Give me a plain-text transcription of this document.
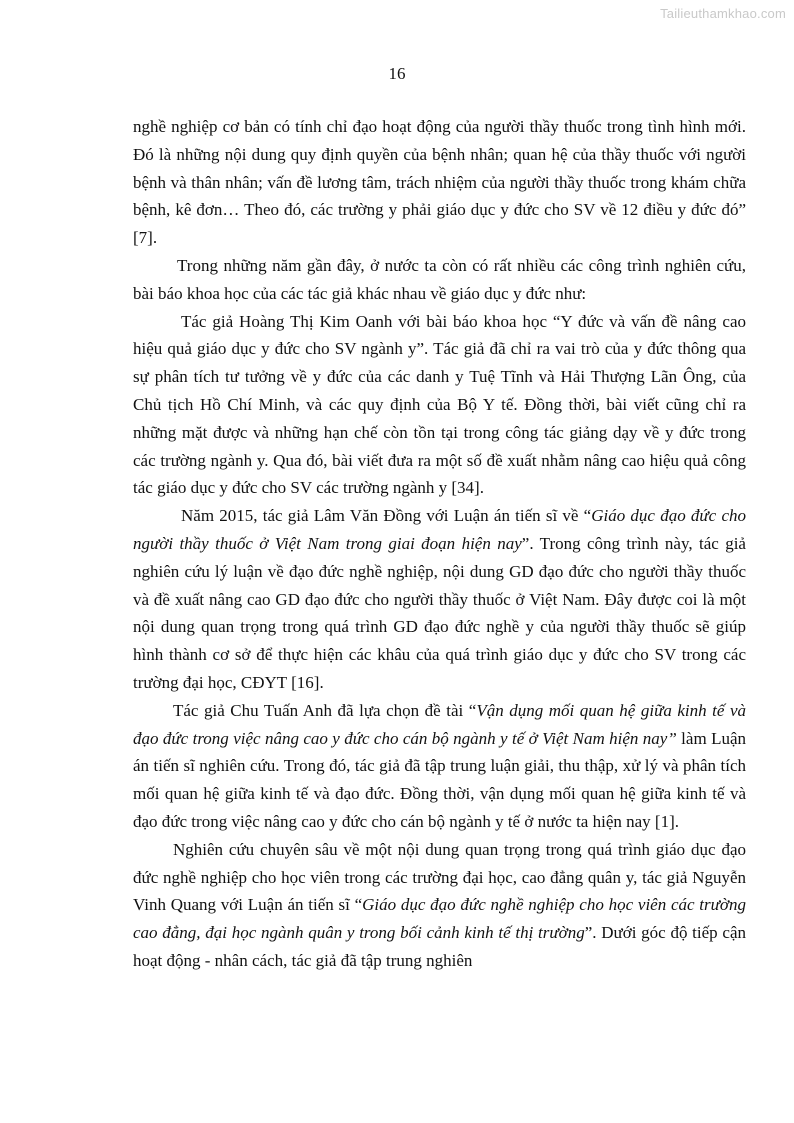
Tailieuthamkhao.com
16

nghề nghiệp cơ bản có tính chỉ đạo hoạt động của người thầy thuốc trong tình hình mới. Đó là những nội dung quy định quyền của bệnh nhân; quan hệ của thầy thuốc với người bệnh và thân nhân; vấn đề lương tâm, trách nhiệm của người thầy thuốc trong khám chữa bệnh, kê đơn… Theo đó, các trường y phải giáo dục y đức cho SV về 12 điều y đức đó” [7].

Trong những năm gần đây, ở nước ta còn có rất nhiều các công trình nghiên cứu, bài báo khoa học của các tác giả khác nhau về giáo dục y đức như:

Tác giả Hoàng Thị Kim Oanh với bài báo khoa học “Y đức và vấn đề nâng cao hiệu quả giáo dục y đức cho SV ngành y”. Tác giả đã chỉ ra vai trò của y đức thông qua sự phân tích tư tưởng về y đức của các danh y Tuệ Tĩnh và Hải Thượng Lãn Ông, của Chủ tịch Hồ Chí Minh, và các quy định của Bộ Y tế. Đồng thời, bài viết cũng chỉ ra những mặt được và những hạn chế còn tồn tại trong công tác giảng dạy về y đức trong các trường ngành y. Qua đó, bài viết đưa ra một số đề xuất nhằm nâng cao hiệu quả công tác giáo dục y đức cho SV các trường ngành y [34].

Năm 2015, tác giả Lâm Văn Đồng với Luận án tiến sĩ về “Giáo dục đạo đức cho người thầy thuốc ở Việt Nam trong giai đoạn hiện nay”. Trong công trình này, tác giả nghiên cứu lý luận về đạo đức nghề nghiệp, nội dung GD đạo đức cho người thầy thuốc và đề xuất nâng cao GD đạo đức cho người thầy thuốc ở Việt Nam. Đây được coi là một nội dung quan trọng trong quá trình GD đạo đức nghề y của người thầy thuốc sẽ giúp hình thành cơ sở để thực hiện các khâu của quá trình giáo dục y đức cho SV trong các trường đại học, CĐYT [16].

Tác giả Chu Tuấn Anh đã lựa chọn đề tài “Vận dụng mối quan hệ giữa kinh tế và đạo đức trong việc nâng cao y đức cho cán bộ ngành y tế ở Việt Nam hiện nay” làm Luận án tiến sĩ nghiên cứu. Trong đó, tác giả đã tập trung luận giải, thu thập, xử lý và phân tích mối quan hệ giữa kinh tế và đạo đức. Đồng thời, vận dụng mối quan hệ giữa kinh tế và đạo đức trong việc nâng cao y đức cho cán bộ ngành y tế ở nước ta hiện nay [1].

Nghiên cứu chuyên sâu về một nội dung quan trọng trong quá trình giáo dục đạo đức nghề nghiệp cho học viên trong các trường đại học, cao đẳng quân y, tác giả Nguyễn Vinh Quang với Luận án tiến sĩ “Giáo dục đạo đức nghề nghiệp cho học viên các trường cao đẳng, đại học ngành quân y trong bối cảnh kinh tế thị trường”. Dưới góc độ tiếp cận hoạt động - nhân cách, tác giả đã tập trung nghiên
